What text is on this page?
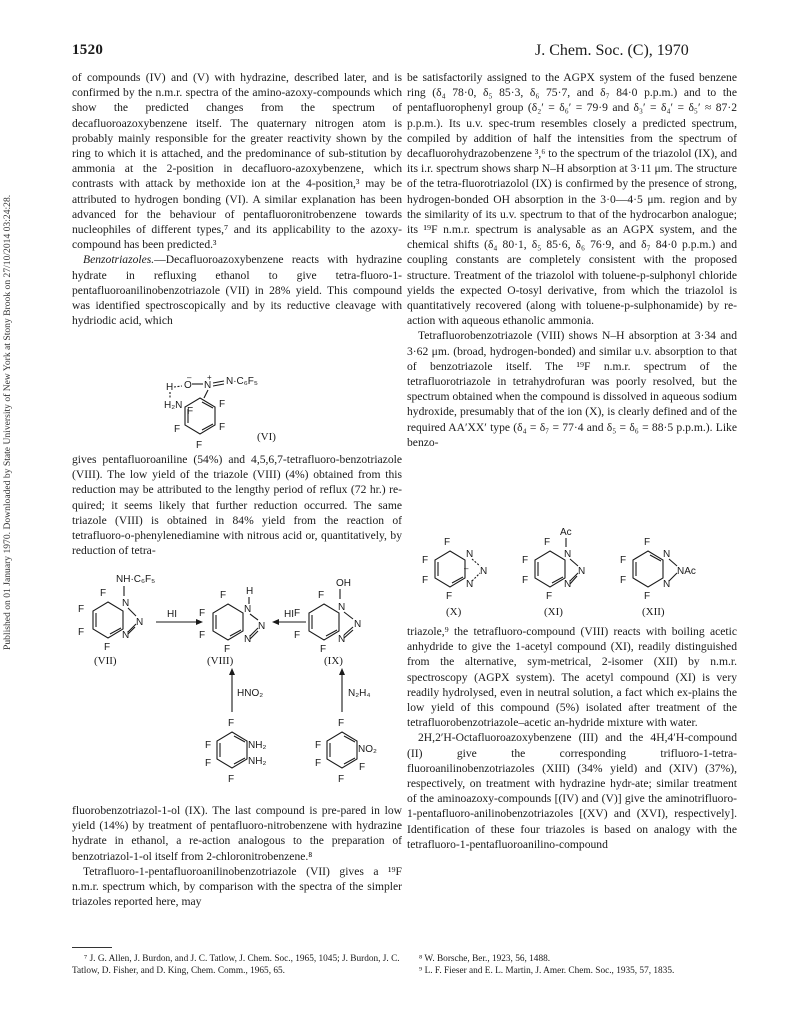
1520	J. Chem. Soc. (C), 1970
Published on 01 January 1970. Downloaded by State University of New York at Stony Brook on 27/10/2014 03:24:28.

of compounds (IV) and (V) with hydrazine, described later, and is confirmed by the n.m.r. spectra of the amino-azoxy-compounds which show the predicted changes from the spectrum of decafluoroazoxybenzene itself. The quaternary nitrogen atom is probably mainly responsible for the greater reactivity shown by the ring to which it is attached, and the predominance of sub-stitution by ammonia at the 2-position in decafluoro-azoxybenzene, which contrasts with attack by methoxide ion at the 4-position,³ may be attributed to hydrogen bonding (VI). A similar explanation has been advanced for the behaviour of pentafluoronitrobenzene towards nucleophiles of different types,⁷ and its applicability to the azoxy-compound has been predicted.³

Benzotriazoles.—Decafluoroazoxybenzene reacts with hydrazine hydrate in refluxing ethanol to give tetra-fluoro-1-pentafluoroanilinobenzotriazole (VII) in 28% yield. This compound was identified spectroscopically and by its reductive cleavage with hydriodic acid, which

O
–
H	N
+ N·C₆F₅
H₂N
F
F
F
F
F
(VI)

gives pentafluoroaniline (54%) and 4,5,6,7-tetrafluoro-benzotriazole (VIII). The low yield of the triazole (VIII) (4%) obtained from this reduction may be attributed to the lengthy period of reflux (72 hr.) re-quired; it seems likely that further reduction occurred. The same triazole (VIII) is obtained in 84% yield from the reaction of tetrafluoro-o-phenylenediamine with nitrous acid or, quantitatively, by reduction of tetra-

NH·C₆F₅
N
N
N
F
F
F
F
(VII)
HI
H
N
N
N
F
F
F
F
(VIII)
HI
OH
N
N
N
F
F
F
F
(IX)
HNO₂	N₂H₄
NH₂
NH₂
F
F
F
F
NO₂
F
F
F	F
F

fluorobenzotriazol-1-ol (IX). The last compound is pre-pared in low yield (14%) by treatment of pentafluoro-nitrobenzene with hydrazine hydrate in ethanol, a re-action analogous to the preparation of benzotriazol-1-ol itself from 2-chloronitrobenzene.⁸

Tetrafluoro-1-pentafluoroanilinobenzotriazole (VII) gives a ¹⁹F n.m.r. spectrum which, by comparison with the spectra of the simpler triazoles reported here, may

be satisfactorily assigned to the AGPX system of the fused benzene ring (δ₄ 78·0, δ₅ 85·3, δ₆ 75·7, and δ₇ 84·0 p.p.m.) and to the pentafluorophenyl group (δ₂′ = δ₆′ = 79·9 and δ₃′ = δ₄′ = δ₅′ ≈ 87·2 p.p.m.). Its u.v. spec-trum resembles closely a predicted spectrum, compiled by addition of half the intensities from the spectrum of decafluorohydrazobenzene ³,⁶ to the spectrum of the triazolol (IX), and its i.r. spectrum shows sharp N–H absorption at 3·11 μm. The structure of the tetra-fluorotriazolol (IX) is confirmed by the presence of strong, hydrogen-bonded OH absorption in the 3·0—4·5 μm. region and by the similarity of its u.v. spectrum to that of the hydrocarbon analogue; its ¹⁹F n.m.r. spectrum is analysable as an AGPX system, and the chemical shifts (δ₄ 80·1, δ₅ 85·6, δ₆ 76·9, and δ₇ 84·0 p.p.m.) and coupling constants are completely consistent with the proposed structure. Treatment of the triazolol with toluene-p-sulphonyl chloride yields the expected O-tosyl derivative, from which the triazolol is quantitatively recovered (along with toluene-p-sulphonamide) by re-action with aqueous ethanolic ammonia.

Tetrafluorobenzotriazole (VIII) shows N–H absorption at 3·34 and 3·62 μm. (broad, hydrogen-bonded) and similar u.v. absorption to that of benzotriazole itself. The ¹⁹F n.m.r. spectrum of the tetrafluorotriazole in tetrahydrofuran was poorly resolved, but the spectrum obtained when the compound is dissolved in aqueous sodium hydroxide, presumably that of the ion (X), is clearly defined and of the required AA′XX′ type (δ₄ = δ₇ = 77·4 and δ₅ = δ₆ = 88·5 p.p.m.). Like benzo-

N
N
N
–
F
F
F
F
(X)
Ac
N
N
N
F
F
F
F
(XI)
N
NAc
N
F
F
F
F
(XII)

triazole,⁹ the tetrafluoro-compound (VIII) reacts with boiling acetic anhydride to give the 1-acetyl compound (XI), readily distinguished from the alternative, sym-metrical, 2-isomer (XII) by n.m.r. spectroscopy (AGPX system). The acetyl compound (XI) is very readily hydrolysed, even in neutral solution, a fact which ex-plains the low yield of this compound (5%) isolated after treatment of the tetrafluorobenzotriazole–acetic an-hydride mixture with water.

2H,2′H-Octafluoroazoxybenzene (III) and the 4H,4′H-compound (II) give the corresponding trifluoro-1-tetra-fluoroanilinobenzotriazoles (XIII) (34% yield) and (XIV) (37%), respectively, on treatment with hydrazine hydr-ate; similar treatment of the aminoazoxy-compounds [(IV) and (V)] give the aminotrifluoro-1-pentafluoro-anilinobenzotriazoles [(XV) and (XVI), respectively]. Identification of these four triazoles is based on analogy with the tetrafluoro-1-pentafluoroanilino-compound

⁷ J. G. Allen, J. Burdon, and J. C. Tatlow, J. Chem. Soc., 1965, 1045; J. Burdon, J. C. Tatlow, D. Fisher, and D. King, Chem. Comm., 1965, 65.

⁸ W. Borsche, Ber., 1923, 56, 1488.

⁹ L. F. Fieser and E. L. Martin, J. Amer. Chem. Soc., 1935, 57, 1835.
